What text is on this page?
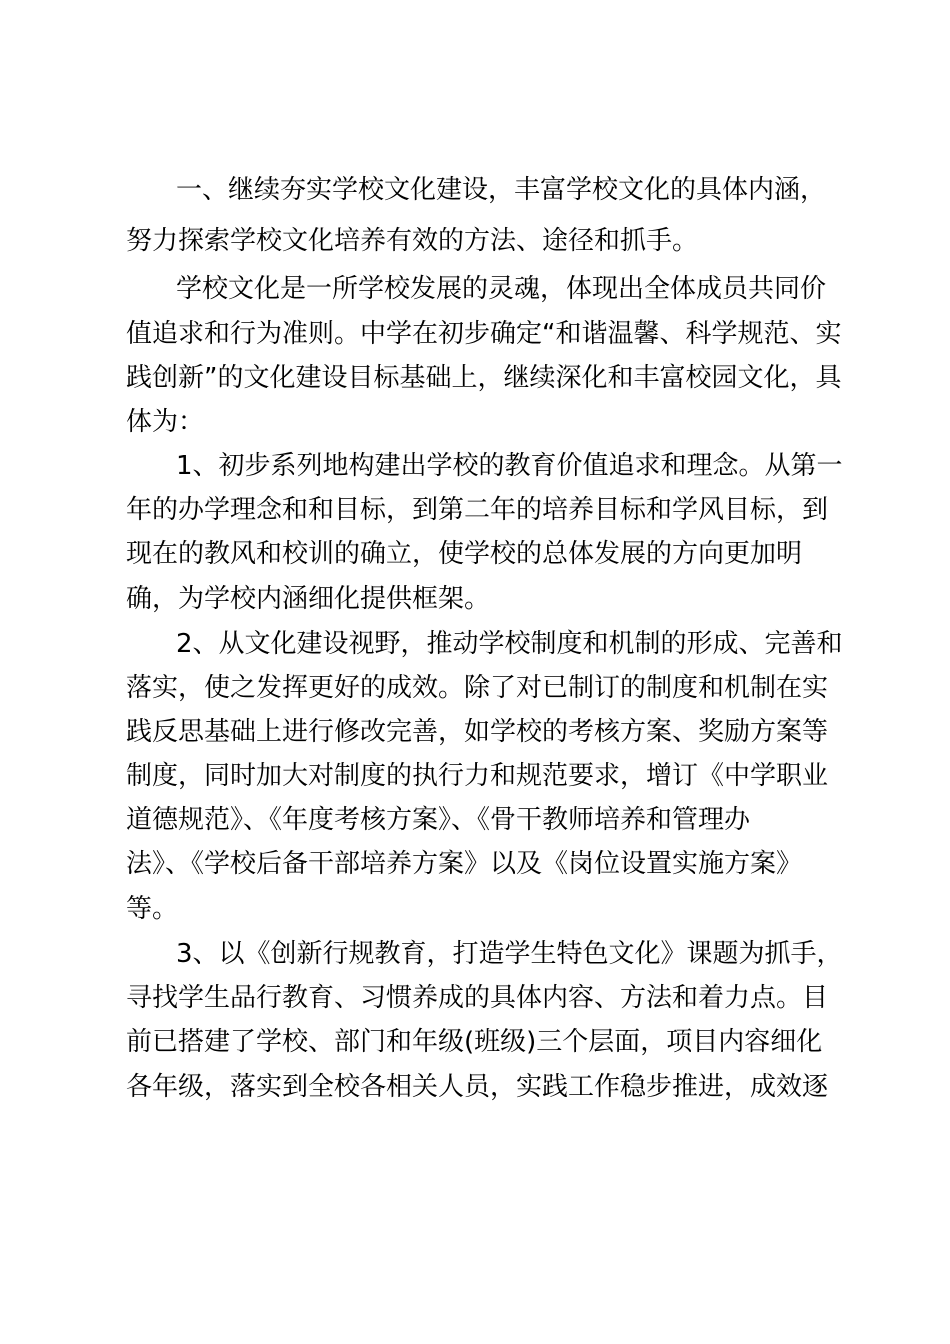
一、继续夯实学校文化建设，丰富学校文化的具体内涵，
努力探索学校文化培养有效的方法、途径和抓手。
学校文化是一所学校发展的灵魂，体现出全体成员共同价
值追求和行为准则。中学在初步确定“和谐温馨、科学规范、实
践创新”的文化建设目标基础上，继续深化和丰富校园文化，具
体为：
1、初步系列地构建出学校的教育价值追求和理念。从第一
年的办学理念和和目标，到第二年的培养目标和学风目标，到
现在的教风和校训的确立，使学校的总体发展的方向更加明
确，为学校内涵细化提供框架。
2、从文化建设视野，推动学校制度和机制的形成、完善和
落实，使之发挥更好的成效。除了对已制订的制度和机制在实
践反思基础上进行修改完善，如学校的考核方案、奖励方案等
制度，同时加大对制度的执行力和规范要求，增订《中学职业
道德规范》、《年度考核方案》、《骨干教师培养和管理办
法》、《学校后备干部培养方案》以及《岗位设置实施方案》
等。
3、以《创新行规教育，打造学生特色文化》课题为抓手，
寻找学生品行教育、习惯养成的具体内容、方法和着力点。目
前已搭建了学校、部门和年级(班级)三个层面，项目内容细化
各年级，落实到全校各相关人员，实践工作稳步推进，成效逐
